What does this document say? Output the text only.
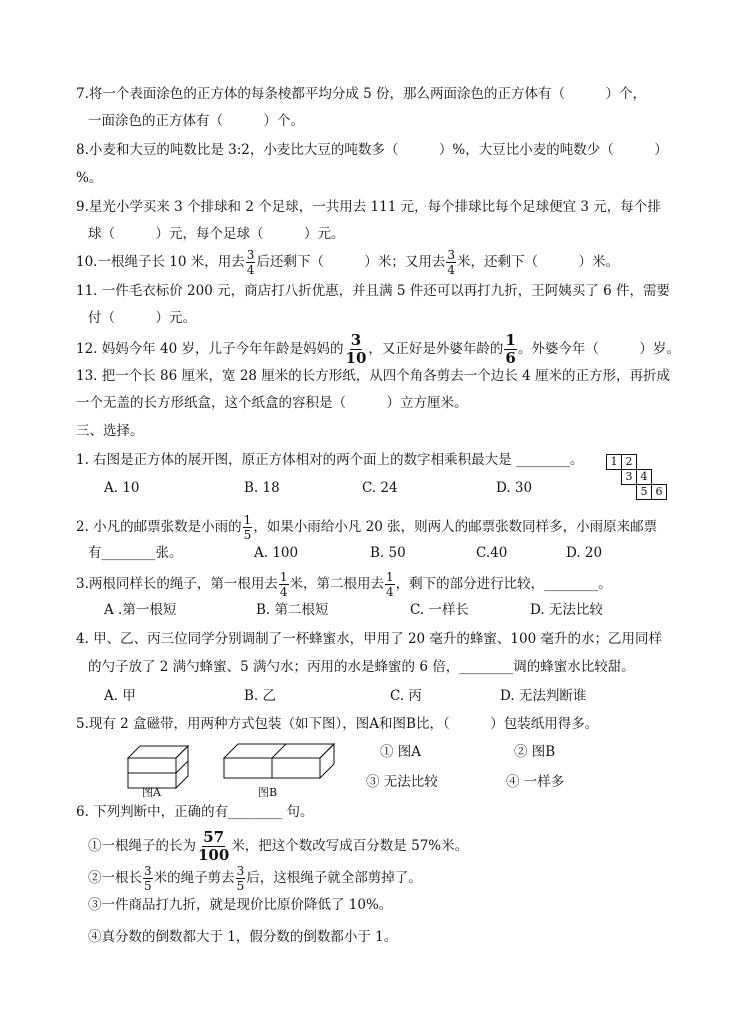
7.将一个表面涂色的正方体的每条棱都平均分成 5 份，那么两面涂色的正方体有（　　　）个，
一面涂色的正方体有（　　　）个。
8.小麦和大豆的吨数比是 3:2，小麦比大豆的吨数多（　　　）%，大豆比小麦的吨数少（　　　）
%。
9.星光小学买来 3 个排球和 2 个足球，一共用去 111 元，每个排球比每个足球便宜 3 元，每个排
球（　　　）元，每个足球（　　　）元。
10.一根绳子长 10 米，用去 $\frac{3}{4}$ 后还剩下（　　　）米；又用去 $\frac{3}{4}$ 米，还剩下（　　　）米。
11. 一件毛衣标价 200 元，商店打八折优惠，并且满 5 件还可以再打九折，王阿姨买了 6 件，需要
付（　　　）元。
12. 妈妈今年 40 岁，儿子今年年龄是妈妈的 $\frac{3}{10}$ ，又正好是外婆年龄的 $\frac{1}{6}$ 。外婆今年（　　　）岁。
13. 把一个长 86 厘米，宽 28 厘米的长方形纸，从四个角各剪去一个边长 4 厘米的正方形，再折成
一个无盖的长方形纸盒，这个纸盒的容积是（　　　）立方厘米。
三、选择。
1. 右图是正方体的展开图，原正方体相对的两个面上的数字相乘积最大是 ________。
A. 10	B. 18	C. 24	D. 30
1 2
3 4
5 6
2. 小凡的邮票张数是小雨的 $\frac{1}{5}$ ，如果小雨给小凡 20 张，则两人的邮票张数同样多，小雨原来邮票
有________张。	A. 100	B. 50	C.40	D. 20
3.两根同样长的绳子，第一根用去 $\frac{1}{4}$ 米，第二根用去 $\frac{1}{4}$ ，剩下的部分进行比较，________。
A .第一根短	B. 第二根短	C. 一样长	D. 无法比较
4. 甲、乙、丙三位同学分别调制了一杯蜂蜜水，甲用了 20 毫升的蜂蜜、100 毫升的水；乙用同样
的勺子放了 2 满勺蜂蜜、5 满勺水；丙用的水是蜂蜜的 6 倍，________调的蜂蜜水比较甜。
A. 甲	B. 乙	C. 丙	D. 无法判断谁
5.现有 2 盒磁带，用两种方式包装（如下图），图A和图B比，（　　　）包装纸用得多。
图A	图B
① 图A	② 图B
③ 无法比较	④ 一样多
6. 下列判断中，正确的有________ 句。
①一根绳子的长为 $\frac{57}{100}$ 米，把这个数改写成百分数是 57%米。
②一根长 $\frac{3}{5}$ 米的绳子剪去 $\frac{3}{5}$ 后，这根绳子就全部剪掉了。
③一件商品打九折，就是现价比原价降低了 10%。
④真分数的倒数都大于 1，假分数的倒数都小于 1。
